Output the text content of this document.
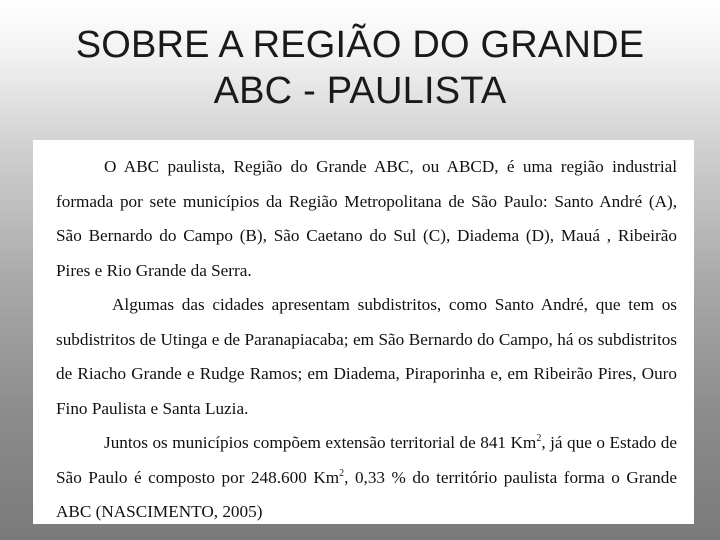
SOBRE A REGIÃO DO GRANDE
ABC - PAULISTA

O ABC paulista, Região do Grande ABC, ou ABCD, é uma região industrial formada por sete municípios da Região Metropolitana de São Paulo: Santo André (A), São Bernardo do Campo (B), São Caetano do Sul (C), Diadema (D), Mauá , Ribeirão Pires e Rio Grande da Serra.

Algumas das cidades apresentam subdistritos, como Santo André, que tem os subdistritos de Utinga e de Paranapiacaba; em São Bernardo do Campo, há os subdistritos de Riacho Grande e Rudge Ramos; em Diadema, Piraporinha e, em Ribeirão Pires, Ouro Fino Paulista e Santa Luzia.

Juntos os municípios compõem extensão territorial de 841 Km$^2$, já que o Estado de São Paulo é composto por 248.600 Km$^2$, 0,33 % do território paulista forma o Grande ABC (NASCIMENTO, 2005)
